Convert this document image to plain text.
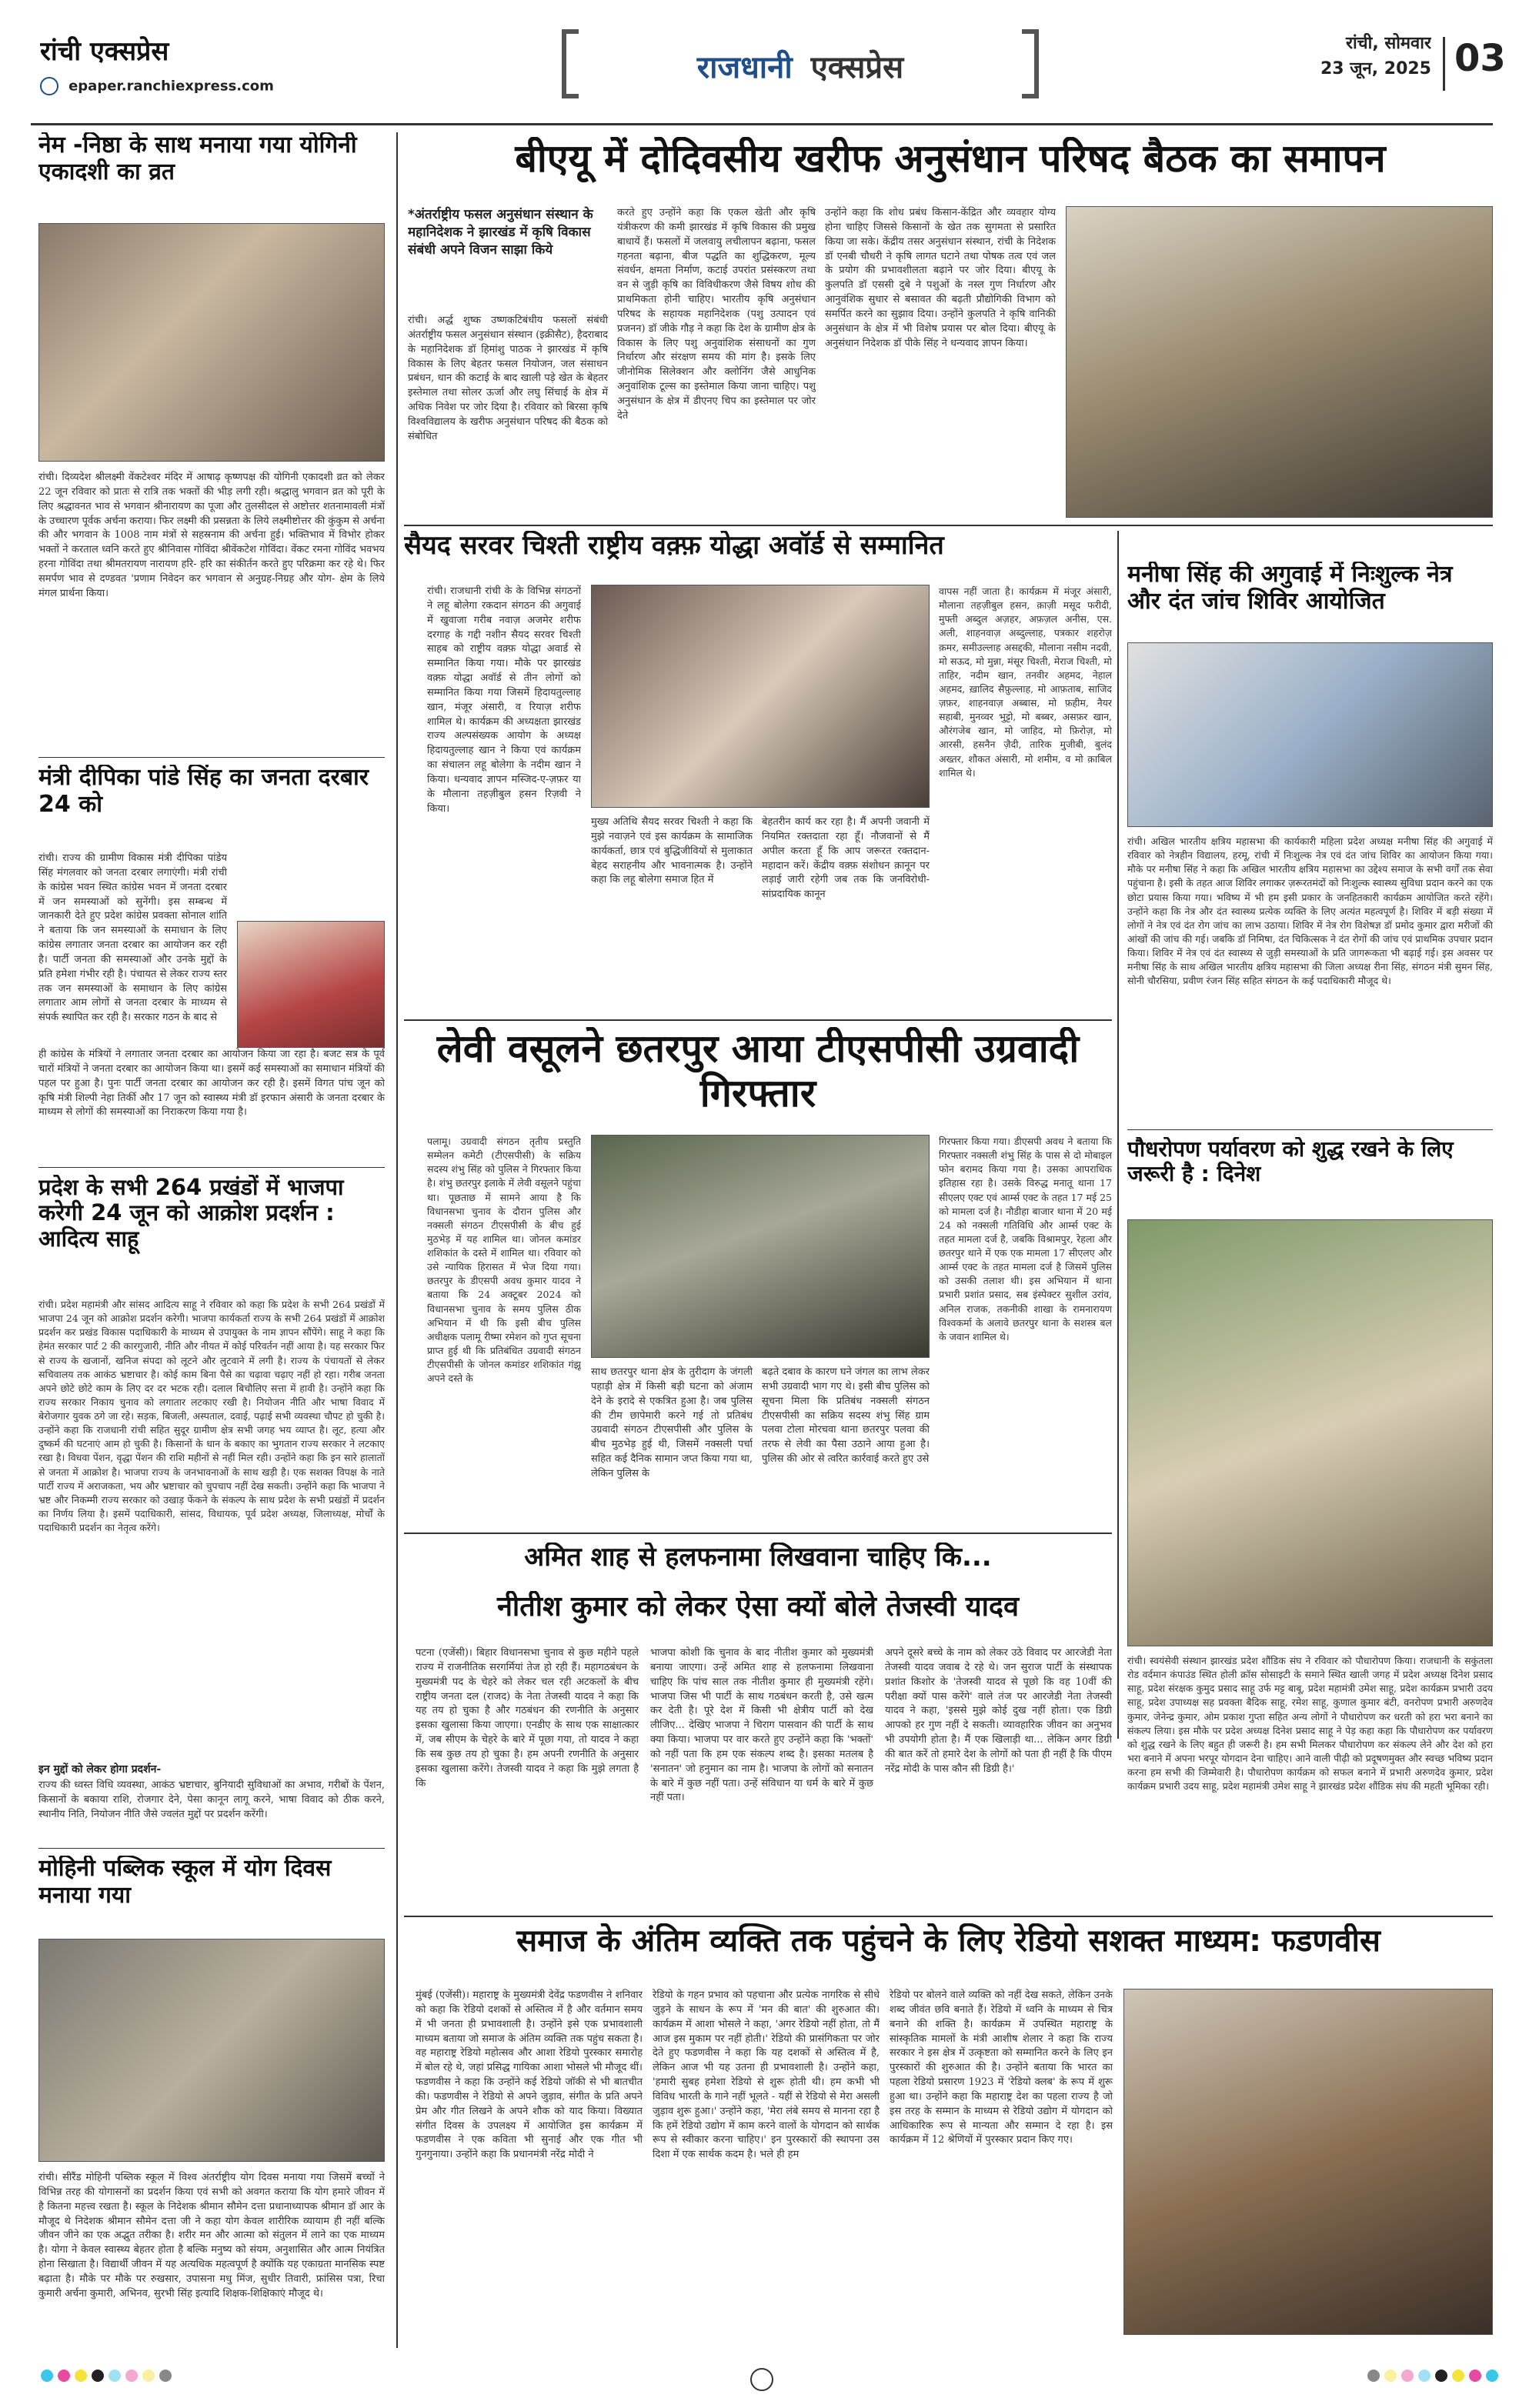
रांची एक्सप्रेस
epaper.ranchiexpress.com
राजधानी एक्सप्रेस
रांची, सोमवार
23 जून, 2025 03
नेम -निष्ठा के साथ मनाया गया योगिनी एकादशी का व्रत
रांची। दिव्यदेश श्रीलक्ष्मी वेंकटेश्वर मंदिर में आषाढ़ कृष्णपक्ष की योगिनी एकादशी व्रत को लेकर 22 जून रविवार को प्रातः से रात्रि तक भक्तों की भीड़ लगी रही। श्रद्धालु भगवान व्रत को पूरी के लिए श्रद्धावनत भाव से भगवान श्रीनारायण का पूजा और तुलसीदल से अष्टोत्तर शतनामावली मंत्रों के उच्चारण पूर्वक अर्चना कराया। फिर लक्ष्मी की प्रसन्नता के लिये लक्ष्मीष्टोत्तर की कुंकुम से अर्चना की और भगवान के 1008 नाम मंत्रों से सहस्रनाम की अर्चना हुई। भक्तिभाव में विभोर होकर भक्तों ने करताल ध्वनि करते हुए श्रीनिवास गोविंदा श्रीवेंकटेश गोविंदा। वेंकट रमना गोविंद भवभय हरना गोविंदा तथा श्रीमतरायण नारायण हरि- हरि का संकीर्तन करते हुए परिक्रमा कर रहे थे। फिर समर्पण भाव से दण्डवत 'प्रणाम निवेदन कर भगवान से अनुग्रह-निग्रह और योग- क्षेम के लिये मंगल प्रार्थना किया।
मंत्री दीपिका पांडे सिंह का जनता दरबार 24 को
रांची। राज्य की ग्रामीण विकास मंत्री दीपिका पांडेय सिंह मंगलवार को जनता दरबार लगाएंगी। मंत्री रांची के कांग्रेस भवन स्थित कांग्रेस भवन में जनता दरबार में जन समस्याओं को सुनेंगी। इस सम्बन्ध में जानकारी देते हुए प्रदेश कांग्रेस प्रवक्ता सोनाल शांति ने बताया कि जन समस्याओं के समाधान के लिए कांग्रेस लगातार जनता दरबार का आयोजन कर रही है। पार्टी जनता की समस्याओं और उनके मुद्दों के प्रति हमेशा गंभीर रही है। पंचायत से लेकर राज्य स्तर तक जन समस्याओं के समाधान के लिए कांग्रेस लगातार आम लोगों से जनता दरबार के माध्यम से संपर्क स्थापित कर रही है। सरकार गठन के बाद से
ही कांग्रेस के मंत्रियों ने लगातार जनता दरबार का आयोजन किया जा रहा है। बजट सत्र के पूर्व चारों मंत्रियों ने जनता दरबार का आयोजन किया था। इसमें कई समस्याओं का समाधान मंत्रियों की पहल पर हुआ है। पुनः पार्टी जनता दरबार का आयोजन कर रही है। इसमें विगत पांच जून को कृषि मंत्री शिल्पी नेहा तिर्की और 17 जून को स्वास्थ्य मंत्री डॉ इरफान अंसारी के जनता दरबार के माध्यम से लोगों की समस्याओं का निराकरण किया गया है।
प्रदेश के सभी 264 प्रखंडों में भाजपा करेगी 24 जून को आक्रोश प्रदर्शन : आदित्य साहू
रांची। प्रदेश महामंत्री और सांसद आदित्य साहू ने रविवार को कहा कि प्रदेश के सभी 264 प्रखंडों में भाजपा 24 जून को आक्रोश प्रदर्शन करेगी। भाजपा कार्यकर्ता राज्य के सभी 264 प्रखंडों में आक्रोश प्रदर्शन कर प्रखंड विकास पदाधिकारी के माध्यम से उपायुक्त के नाम ज्ञापन सौंपेंगे। साहू ने कहा कि हेमंत सरकार पार्ट 2 की कारगुजारी, नीति और नीयत में कोई परिवर्तन नहीं आया है। यह सरकार फिर से राज्य के खजानों, खनिज संपदा को लूटने और लुटवाने में लगी है। राज्य के पंचायतों से लेकर सचिवालय तक आकंठ भ्रष्टाचार है। कोई काम बिना पैसे का चढ़ावा चढ़ाए नहीं हो रहा। गरीब जनता अपने छोटे छोटे काम के लिए दर दर भटक रही। दलाल बिचौलिए सत्ता में हावी है। उन्होंने कहा कि राज्य सरकार निकाय चुनाव को लगातार लटकाए रखी है। नियोजन नीति और भाषा विवाद में बेरोजगार युवक ठगे जा रहे। सड़क, बिजली, अस्पताल, दवाई, पढ़ाई सभी व्यवस्था चौपट हो चुकी है। उन्होंने कहा कि राजधानी रांची सहित सुदूर ग्रामीण क्षेत्र सभी जगह भय व्याप्त है। लूट, हत्या और दुष्कर्म की घटनाएं आम हो चुकी है। किसानों के धान के बकाए का भुगतान राज्य सरकार ने लटकाए रखा है। विधवा पेंशन, वृद्धा पेंशन की राशि महीनों से नहीं मिल रही। उन्होंने कहा कि इन सारे हालातों से जनता में आक्रोश है। भाजपा राज्य के जनभावनाओं के साथ खड़ी है। एक सशक्त विपक्ष के नाते पार्टी राज्य में अराजकता, भय और भ्रष्टाचार को चुपचाप नहीं देख सकती। उन्होंने कहा कि भाजपा ने भ्रष्ट और निकम्मी राज्य सरकार को उखाड़ फेंकने के संकल्प के साथ प्रदेश के सभी प्रखंडों में प्रदर्शन का निर्णय लिया है। इसमें पदाधिकारी, सांसद, विधायक, पूर्व प्रदेश अध्यक्ष, जिलाध्यक्ष, मोर्चों के पदाधिकारी प्रदर्शन का नेतृत्व करेंगे।
इन मुद्दों को लेकर होगा प्रदर्शन-
राज्य की ध्वस्त विधि व्यवस्था, आकंठ भ्रष्टाचार, बुनियादी सुविधाओं का अभाव, गरीबों के पेंशन, किसानों के बकाया राशि, रोजगार देने, पेसा कानून लागू करने, भाषा विवाद को ठीक करने, स्थानीय निति, नियोजन नीति जैसे ज्वलंत मुद्दों पर प्रदर्शन करेंगी।
मोहिनी पब्लिक स्कूल में योग दिवस मनाया गया
रांची। सीरैंड मोहिनी पब्लिक स्कूल में विश्व अंतर्राष्ट्रीय योग दिवस मनाया गया जिसमें बच्चों ने विभिन्न तरह की योगासनों का प्रदर्शन किया एवं सभी को अवगत कराया कि योग हमारे जीवन में है कितना महत्त्व रखता है। स्कूल के निदेशक श्रीमान सौमेन दत्ता प्रधानाध्यापक श्रीमान डॉ आर के मौजूद थे निदेशक श्रीमान सौमेन दत्ता जी ने कहा योग केवल शारीरिक व्यायाम ही नहीं बल्कि जीवन जीने का एक अद्भुत तरीका है। शरीर मन और आत्मा को संतुलन में लाने का एक माध्यम है। योगा ने केवल स्वास्थ्य बेहतर होता है बल्कि मनुष्य को संयम, अनुशासित और आत्म नियंत्रित होना सिखाता है। विद्यार्थी जीवन में यह अत्यधिक महत्वपूर्ण है क्योंकि यह एकाग्रता मानसिक स्पष्ट बढ़ाता है। मौके पर मौके पर रुखसार, उपासना मधु मिंज, सुधीर तिवारी, फ्रांसिस पत्रा, रिचा कुमारी अर्चना कुमारी, अभिनव, सुरभी सिंह इत्यादि शिक्षक-शिक्षिकाएं मौजूद थे।
बीएयू में दोदिवसीय खरीफ अनुसंधान परिषद बैठक का समापन
*अंतर्राष्ट्रीय फसल अनुसंधान संस्थान के महानिदेशक ने झारखंड में कृषि विकास संबंधी अपने विजन साझा किये
रांची। अर्द्ध शुष्क उष्णकटिबंधीय फसलों संबंधी अंतर्राष्ट्रीय फसल अनुसंधान संस्थान (इक्रीसैट), हैदराबाद के महानिदेशक डॉ हिमांशु पाठक ने झारखंड में कृषि विकास के लिए बेहतर फसल नियोजन, जल संसाधन प्रबंधन, धान की कटाई के बाद खाली पड़े खेत के बेहतर इस्तेमाल तथा सोलर ऊर्जा और लघु सिंचाई के क्षेत्र में अधिक निवेश पर जोर दिया है। रविवार को बिरसा कृषि विश्वविद्यालय के खरीफ अनुसंधान परिषद की बैठक को संबोधित
करते हुए उन्होंने कहा कि एकल खेती और कृषि यंत्रीकरण की कमी झारखंड में कृषि विकास की प्रमुख बाधायें हैं। फसलों में जलवायु लचीलापन बढ़ाना, फसल गहनता बढ़ाना, बीज पद्धति का शुद्धिकरण, मूल्य संवर्धन, क्षमता निर्माण, कटाई उपरांत प्रसंस्करण तथा वन से जुड़ी कृषि का विविधीकरण जैसे विषय शोध की प्राथमिकता होनी चाहिए। भारतीय कृषि अनुसंधान परिषद के सहायक महानिदेशक (पशु उत्पादन एवं प्रजनन) डॉ जीके गौड़ ने कहा कि देश के ग्रामीण क्षेत्र के विकास के लिए पशु अनुवांशिक संसाधनों का गुण निर्धारण और संरक्षण समय की मांग है। इसके लिए जीनोमिक सिलेक्शन और क्लोनिंग जैसे आधुनिक अनुवांशिक टूल्स का इस्तेमाल किया जाना चाहिए। पशु अनुसंधान के क्षेत्र में डीएनए चिप का इस्तेमाल पर जोर देते
उन्होंने कहा कि शोध प्रबंध किसान-केंद्रित और व्यवहार योग्य होना चाहिए जिससे किसानों के खेत तक सुगमता से प्रसारित किया जा सके। केंद्रीय तसर अनुसंधान संस्थान, रांची के निदेशक डॉ एनबी चौधरी ने कृषि लागत घटाने तथा पोषक तत्व एवं जल के प्रयोग की प्रभावशीलता बढ़ाने पर जोर दिया। बीएयू के कुलपति डॉ एससी दुबे ने पशुओं के नस्ल गुण निर्धारण और आनुवंशिक सुधार से बसावत की बढ़ती प्रौद्योगिकी विभाग को समर्पित करने का सुझाव दिया। उन्होंने कुलपति ने कृषि वानिकी अनुसंधान के क्षेत्र में भी विशेष प्रयास पर बोल दिया। बीएयू के अनुसंधान निदेशक डॉ पीके सिंह ने धन्यवाद ज्ञापन किया।
सैयद सरवर चिश्ती राष्ट्रीय वक़्फ़ योद्धा अवॉर्ड से सम्मानित
रांची। राजधानी रांची के के विभिन्न संगठनों ने लहू बोलेगा रकदान संगठन की अगुवाई में खुवाजा गरीब नवाज़ अजमेर शरीफ दरगाह के गद्दी नशीन सैयद सरवर चिश्ती साहब को राष्ट्रीय वक़्फ़ योद्धा अवार्ड से सम्मानित किया गया। मौके पर झारखंड वक़्फ़ योद्धा अवॉर्ड से तीन लोगों को सम्मानित किया गया जिसमें हिदायतुल्लाह खान, मंजूर अंसारी, व रियाज़ शरीफ शामिल थे। कार्यक्रम की अध्यक्षता झारखंड राज्य अल्पसंख्यक आयोग के अध्यक्ष हिदायतुल्लाह खान ने किया एवं कार्यक्रम का संचालन लहू बोलेगा के नदीम खान ने किया। धन्यवाद ज्ञापन मस्जिद-ए-ज़फ़र या के मौलाना तहज़ीबुल हसन रिज़वी ने किया।
मुख्य अतिथि सैयद सरवर चिश्ती ने कहा कि मुझे नवाज़ने एवं इस कार्यक्रम के सामाजिक कार्यकर्ता, छात्र एवं बुद्धिजीवियों से मुलाकात बेहद सराहनीय और भावनात्मक है। उन्होंने कहा कि लहू बोलेगा समाज हित में
बेहतरीन कार्य कर रहा है। मैं अपनी जवानी में नियमित रक्तदाता रहा हूँ। नौजवानों से मैं अपील करता हूँ कि आप जरूरत रक्तदान-महादान करें। केंद्रीय वक़्फ़ संशोधन क़ानून पर लड़ाई जारी रहेगी जब तक कि जनविरोधी-सांप्रदायिक कानून
वापस नहीं जाता है। कार्यक्रम में मंजूर अंसारी, मौलाना तहज़ीबुल हसन, क़ाज़ी मसूद फरीदी, मुफ्ती अब्दुल अज़हर, अफ़ज़ल अनीस, एस. अली, शाहनवाज़ अब्दुल्लाह, पत्रकार शहरोज़ क़मर, समीउल्लाह असद्दकी, मौलाना नसीम नदवी, मो सऊद, मो मुन्ना, मंसूर चिश्ती, मेराज चिश्ती, मो ताहिर, नदीम खान, तनवीर अहमद, नेहाल अहमद, ख़ालिद सैफ़ुल्लाह, मो आफ़ताब, साजिद ज़फ़र, शाहनवाज़ अब्बास, मो फ़हीम, नैयर सहाबी, मुनव्वर भुट्टो, मो बब्बर, असफ़र खान, औरंगजेब खान, मो जाहिद, मो फ़िरोज़, मो आरसी, हसनैन ज़ैदी, तारिक मुजीबी, बुलंद अख्तर, शौकत अंसारी, मो शमीम, व मो क़ाबिल शामिल थे।
मनीषा सिंह की अगुवाई में निःशुल्क नेत्र और दंत जांच शिविर आयोजित
रांची। अखिल भारतीय क्षत्रिय महासभा की कार्यकारी महिला प्रदेश अध्यक्ष मनीषा सिंह की अगुवाई में रविवार को नेत्रहीन विद्यालय, हरमू, रांची में निःशुल्क नेत्र एवं दंत जांच शिविर का आयोजन किया गया। मौके पर मनीषा सिंह ने कहा कि अखिल भारतीय क्षत्रिय महासभा का उद्देश्य समाज के सभी वर्गों तक सेवा पहुंचाना है। इसी के तहत आज शिविर लगाकर ज़रूरतमंदों को निःशुल्क स्वास्थ्य सुविधा प्रदान करने का एक छोटा प्रयास किया गया। भविष्य में भी हम इसी प्रकार के जनहितकारी कार्यक्रम आयोजित करते रहेंगे। उन्होंने कहा कि नेत्र और दंत स्वास्थ्य प्रत्येक व्यक्ति के लिए अत्यंत महत्वपूर्ण है। शिविर में बड़ी संख्या में लोगों ने नेत्र एवं दंत रोग जांच का लाभ उठाया। शिविर में नेत्र रोग विशेषज्ञ डॉ प्रमोद कुमार द्वारा मरीजों की आंखों की जांच की गई। जबकि डॉ निमिषा, दंत चिकित्सक ने दंत रोगों की जांच एवं प्राथमिक उपचार प्रदान किया। शिविर में नेत्र एवं दंत स्वास्थ्य से जुड़ी समस्याओं के प्रति जागरूकता भी बढ़ाई गई। इस अवसर पर मनीषा सिंह के साथ अखिल भारतीय क्षत्रिय महासभा की जिला अध्यक्ष रीना सिंह, संगठन मंत्री सुमन सिंह, सोनी चौरसिया, प्रवीण रंजन सिंह सहित संगठन के कई पदाधिकारी मौजूद थे।
लेवी वसूलने छतरपुर आया टीएसपीसी उग्रवादी गिरफ्तार
पलामू। उग्रवादी संगठन तृतीय प्रस्तुति सम्मेलन कमेटी (टीएसपीसी) के सक्रिय सदस्य शंभु सिंह को पुलिस ने गिरफ्तार किया है। शंभु छतरपुर इलाके में लेवी वसूलने पहुंचा था। पूछताछ में सामने आया है कि विधानसभा चुनाव के दौरान पुलिस और नक्सली संगठन टीएसपीसी के बीच हुई मुठभेड़ में यह शामिल था। जोनल कमांडर शशिकांत के दस्ते में शामिल था। रविवार को उसे न्यायिक हिरासत में भेज दिया गया। छतरपुर के डीएसपी अवध कुमार यादव ने बताया कि 24 अक्टूबर 2024 को विधानसभा चुनाव के समय पुलिस ठीक अभियान में थी कि इसी बीच पुलिस अधीक्षक पलामू रीष्मा रमेशन को गुप्त सूचना प्राप्त हुई थी कि प्रतिबंधित उग्रवादी संगठन टीएसपीसी के जोनल कमांडर शशिकांत गंझू अपने दस्ते के
साथ छतरपुर थाना क्षेत्र के तुरीदाग के जंगली पहाड़ी क्षेत्र में किसी बड़ी घटना को अंजाम देने के इरादे से एकत्रित हुआ है। जब पुलिस की टीम छापेमारी करने गई तो प्रतिबंध उग्रवादी संगठन टीएसपीसी और पुलिस के बीच मुठभेड़ हुई थी, जिसमें नक्सली पर्चा सहित कई दैनिक सामान जप्त किया गया था, लेकिन पुलिस के
बढ़ते दबाव के कारण घने जंगल का लाभ लेकर सभी उग्रवादी भाग गए थे। इसी बीच पुलिस को सूचना मिला कि प्रतिबंध नक्सली संगठन टीएसपीसी का सक्रिय सदस्य शंभु सिंह ग्राम पलवा टोला मोरचवा थाना छतरपुर पलवा की तरफ से लेवी का पैसा उठाने आया हुआ है। पुलिस की ओर से त्वरित कार्रवाई करते हुए उसे
गिरफ्तार किया गया। डीएसपी अवध ने बताया कि गिरफ्तार नक्सली शंभु सिंह के पास से दो मोबाइल फोन बरामद किया गया है। उसका आपराधिक इतिहास रहा है। उसके विरुद्ध मनातू थाना 17 सीएलए एक्ट एवं आर्म्स एक्ट के तहत 17 मई 25 को मामला दर्ज है। नौडीहा बाजार थाना में 20 मई 24 को नक्सली गतिविधि और आर्म्स एक्ट के तहत मामला दर्ज है, जबकि विश्रामपुर, रेहला और छतरपुर थाने में एक एक मामला 17 सीएलए और आर्म्स एक्ट के तहत मामला दर्ज है जिसमें पुलिस को उसकी तलाश थी। इस अभियान में थाना प्रभारी प्रशांत प्रसाद, सब इंस्पेक्टर सुशील उरांव, अनिल राजक, तकनीकी शाखा के रामनारायण विश्वकर्मा के अलावे छतरपुर थाना के सशस्त्र बल के जवान शामिल थे।
पौधरोपण पर्यावरण को शुद्ध रखने के लिए जरूरी है : दिनेश
रांची। स्वयंसेवी संस्थान झारखंड प्रदेश शौंडिक संघ ने रविवार को पौधारोपण किया। राजधानी के सकुंतला रोड वर्दमान कंपाउंड स्थित होली क्रॉस सोसाइटी के समाने स्थित खाली जगह में प्रदेश अध्यक्ष दिनेश प्रसाद साहू, प्रदेश संरक्षक कुमुद प्रसाद साहू उर्फ मट्ट बाबू, प्रदेश महामंत्री उमेश साहू, प्रदेश कार्यक्रम प्रभारी उदय साहू, प्रदेश उपाध्यक्ष सह प्रवक्ता बैदिक साहू, रमेश साहू, कुणाल कुमार बंटी, वनरोपण प्रभारी अरुणदेव कुमार, जेनेन्द्र कुमार, ओम प्रकाश गुप्ता सहित अन्य लोगों ने पौधारोपण कर धरती को हरा भरा बनाने का संकल्प लिया। इस मौके पर प्रदेश अध्यक्ष दिनेश प्रसाद साहू ने पेड़ कहा कहा कि पौधारोपण कर पर्यावरण को शुद्ध रखने के लिए बहुत ही जरूरी है। हम सभी मिलकर पौधारोपण कर संकल्प लेने और देश को हरा भरा बनाने में अपना भरपूर योगदान देना चाहिए। आने वाली पीढ़ी को प्रदूषणमुक्त और स्वच्छ भविष्य प्रदान करना हम सभी की जिम्मेवारी है। पौधारोपण कार्यक्रम को सफल बनाने में प्रभारी अरुणदेव कुमार, प्रदेश कार्यक्रम प्रभारी उदय साहू, प्रदेश महामंत्री उमेश साहू ने झारखंड प्रदेश शौंडिक संघ की महती भूमिका रही।
अमित शाह से हलफनामा लिखवाना चाहिए कि...
नीतीश कुमार को लेकर ऐसा क्यों बोले तेजस्वी यादव
पटना (एजेंसी)। बिहार विधानसभा चुनाव से कुछ महीने पहले राज्य में राजनीतिक सरगर्मियां तेज हो रही हैं। महागठबंधन के मुख्यमंत्री पद के चेहरे को लेकर चल रही अटकलों के बीच राष्ट्रीय जनता दल (राजद) के नेता तेजस्वी यादव ने कहा कि यह तय हो चुका है और गठबंधन की रणनीति के अनुसार इसका खुलासा किया जाएगा। एनडीए के साथ एक साक्षात्कार में, जब सीएम के चेहरे के बारे में पूछा गया, तो यादव ने कहा कि सब कुछ तय हो चुका है। हम अपनी रणनीति के अनुसार इसका खुलासा करेंगे। तेजस्वी यादव ने कहा कि मुझे लगता है कि
भाजपा कोशी कि चुनाव के बाद नीतीश कुमार को मुख्यमंत्री बनाया जाएगा। उन्हें अमित शाह से हलफनामा लिखवाना चाहिए कि पांच साल तक नीतीश कुमार ही मुख्यमंत्री रहेंगे। भाजपा जिस भी पार्टी के साथ गठबंधन करती है, उसे खत्म कर देती है। पूरे देश में किसी भी क्षेत्रीय पार्टी को देख लीजिए... देखिए भाजपा ने चिराग पासवान की पार्टी के साथ क्या किया। भाजपा पर वार करते हुए उन्होंने कहा कि 'भक्तों' को नहीं पता कि हम एक संकल्प शब्द है। इसका मतलब है 'सनातन' जो हनुमान का नाम है। भाजपा के लोगों को सनातन के बारे में कुछ नहीं पता। उन्हें संविधान या धर्म के बारे में कुछ नहीं पता।
अपने दूसरे बच्चे के नाम को लेकर उठे विवाद पर आरजेडी नेता तेजस्वी यादव जवाब दे रहे थे। जन सुराज पार्टी के संस्थापक प्रशांत किशोर के 'तेजस्वी यादव से पूछो कि वह 10वीं की परीक्षा क्यों पास करेंगे' वाले तंज पर आरजेडी नेता तेजस्वी यादव ने कहा, 'इससे मुझे कोई दुख नहीं होता। एक डिग्री आपको हर गुण नहीं दे सकती। व्यावहारिक जीवन का अनुभव भी उपयोगी होता है। मैं एक खिलाड़ी था... लेकिन अगर डिग्री की बात करें तो हमारे देश के लोगों को पता ही नहीं है कि पीएम नरेंद्र मोदी के पास कौन सी डिग्री है।'
समाज के अंतिम व्यक्ति तक पहुंचने के लिए रेडियो सशक्त माध्यम: फडणवीस
मुंबई (एजेंसी)। महाराष्ट्र के मुख्यमंत्री देवेंद्र फडणवीस ने शनिवार को कहा कि रेडियो दशकों से अस्तित्व में है और वर्तमान समय में भी जनता ही प्रभावशाली है। उन्होंने इसे एक प्रभावशाली माध्यम बताया जो समाज के अंतिम व्यक्ति तक पहुंच सकता है। वह महाराष्ट्र रेडियो महोत्सव और आशा रेडियो पुरस्कार समारोह में बोल रहे थे, जहां प्रसिद्ध गायिका आशा भोसले भी मौजूद थीं। फडणवीस ने कहा कि उन्होंने कई रेडियो जॉकी से भी बातचीत की। फडणवीस ने रेडियो से अपने जुड़ाव, संगीत के प्रति अपने प्रेम और गीत लिखने के अपने शौक को याद किया। विख्यात संगीत दिवस के उपलक्ष्य में आयोजित इस कार्यक्रम में फडणवीस ने एक कविता भी सुनाई और एक गीत भी गुनगुनाया। उन्होंने कहा कि प्रधानमंत्री नरेंद्र मोदी ने
रेडियो के गहन प्रभाव को पहचाना और प्रत्येक नागरिक से सीधे जुड़ने के साधन के रूप में 'मन की बात' की शुरुआत की। कार्यक्रम में आशा भोसले ने कहा, 'अगर रेडियो नहीं होता, तो मैं आज इस मुकाम पर नहीं होती।' रेडियो की प्रासंगिकता पर जोर देते हुए फडणवीस ने कहा कि यह दशकों से अस्तित्व में है, लेकिन आज भी यह उतना ही प्रभावशाली है। उन्होंने कहा, 'हमारी सुबह हमेशा रेडियो से शुरू होती थी। हम कभी भी विविध भारती के गाने नहीं भूलते - यहीं से रेडियो से मेरा असली जुड़ाव शुरू हुआ।' उन्होंने कहा, 'मेरा लंबे समय से मानना रहा है कि हमें रेडियो उद्योग में काम करने वालों के योगदान को सार्थक रूप से स्वीकार करना चाहिए।' इन पुरस्कारों की स्थापना उस दिशा में एक सार्थक कदम है। भले ही हम
रेडियो पर बोलने वाले व्यक्ति को नहीं देख सकते, लेकिन उनके शब्द जीवंत छवि बनाते हैं। रेडियो में ध्वनि के माध्यम से चित्र बनाने की शक्ति है। कार्यक्रम में उपस्थित महाराष्ट्र के सांस्कृतिक मामलों के मंत्री आशीष शेलार ने कहा कि राज्य सरकार ने इस क्षेत्र में उत्कृष्टता को सम्मानित करने के लिए इन पुरस्कारों की शुरुआत की है। उन्होंने बताया कि भारत का पहला रेडियो प्रसारण 1923 में 'रेडियो क्लब' के रूप में शुरू हुआ था। उन्होंने कहा कि महाराष्ट्र देश का पहला राज्य है जो इस तरह के सम्मान के माध्यम से रेडियो उद्योग में योगदान को आधिकारिक रूप से मान्यता और सम्मान दे रहा है। इस कार्यक्रम में 12 श्रेणियों में पुरस्कार प्रदान किए गए।
